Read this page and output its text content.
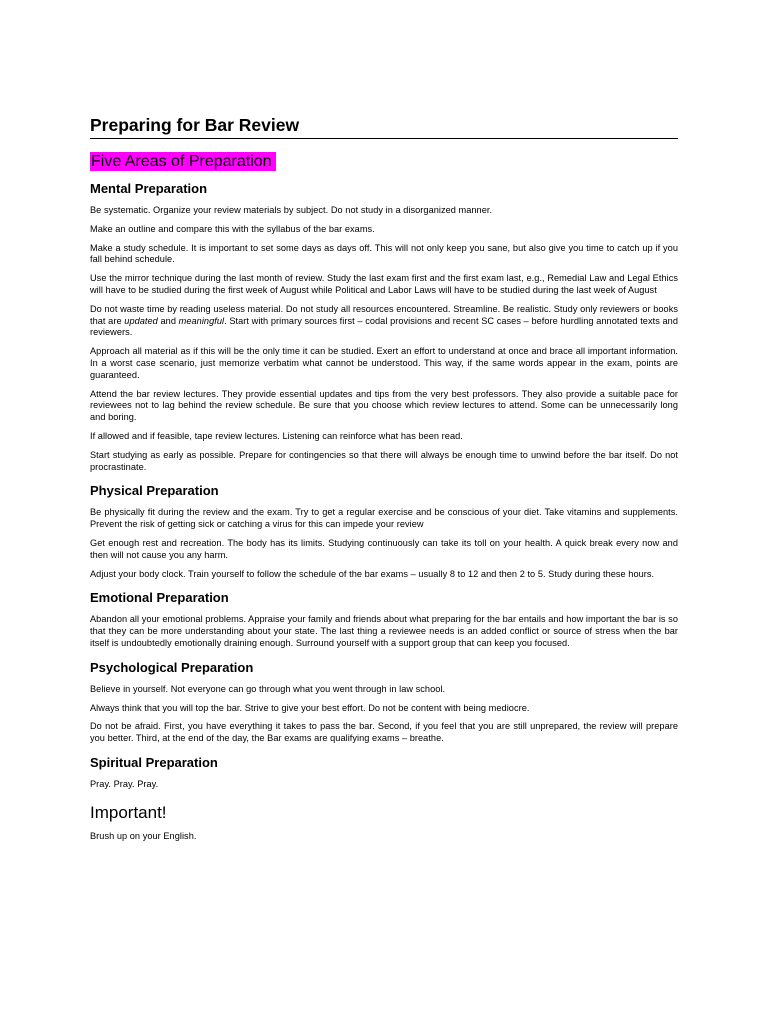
Preparing for Bar Review
Five Areas of Preparation
Mental Preparation

Be systematic. Organize your review materials by subject. Do not study in a disorganized manner.

Make an outline and compare this with the syllabus of the bar exams.

Make a study schedule. It is important to set some days as days off. This will not only keep you sane, but also give you time to catch up if you fall behind schedule.

Use the mirror technique during the last month of review. Study the last exam first and the first exam last, e.g., Remedial Law and Legal Ethics will have to be studied during the first week of August while Political and Labor Laws will have to be studied during the last week of August

Do not waste time by reading useless material. Do not study all resources encountered. Streamline. Be realistic. Study only reviewers or books that are updated and meaningful. Start with primary sources first – codal provisions and recent SC cases – before hurdling annotated texts and reviewers.

Approach all material as if this will be the only time it can be studied. Exert an effort to understand at once and brace all important information. In a worst case scenario, just memorize verbatim what cannot be understood. This way, if the same words appear in the exam, points are guaranteed.

Attend the bar review lectures. They provide essential updates and tips from the very best professors. They also provide a suitable pace for reviewees not to lag behind the review schedule. Be sure that you choose which review lectures to attend. Some can be unnecessarily long and boring.

If allowed and if feasible, tape review lectures. Listening can reinforce what has been read.

Start studying as early as possible. Prepare for contingencies so that there will always be enough time to unwind before the bar itself. Do not procrastinate.

Physical Preparation

Be physically fit during the review and the exam. Try to get a regular exercise and be conscious of your diet. Take vitamins and supplements. Prevent the risk of getting sick or catching a virus for this can impede your review

Get enough rest and recreation. The body has its limits. Studying continuously can take its toll on your health. A quick break every now and then will not cause you any harm.

Adjust your body clock. Train yourself to follow the schedule of the bar exams – usually 8 to 12 and then 2 to 5. Study during these hours.

Emotional Preparation

Abandon all your emotional problems. Appraise your family and friends about what preparing for the bar entails and how important the bar is so that they can be more understanding about your state. The last thing a reviewee needs is an added conflict or source of stress when the bar itself is undoubtedly emotionally draining enough. Surround yourself with a support group that can keep you focused.

Psychological Preparation

Believe in yourself. Not everyone can go through what you went through in law school.

Always think that you will top the bar. Strive to give your best effort. Do not be content with being mediocre.

Do not be afraid. First, you have everything it takes to pass the bar. Second, if you feel that you are still unprepared, the review will prepare you better. Third, at the end of the day, the Bar exams are qualifying exams – breathe.

Spiritual Preparation

Pray. Pray. Pray.

Important!

Brush up on your English.
